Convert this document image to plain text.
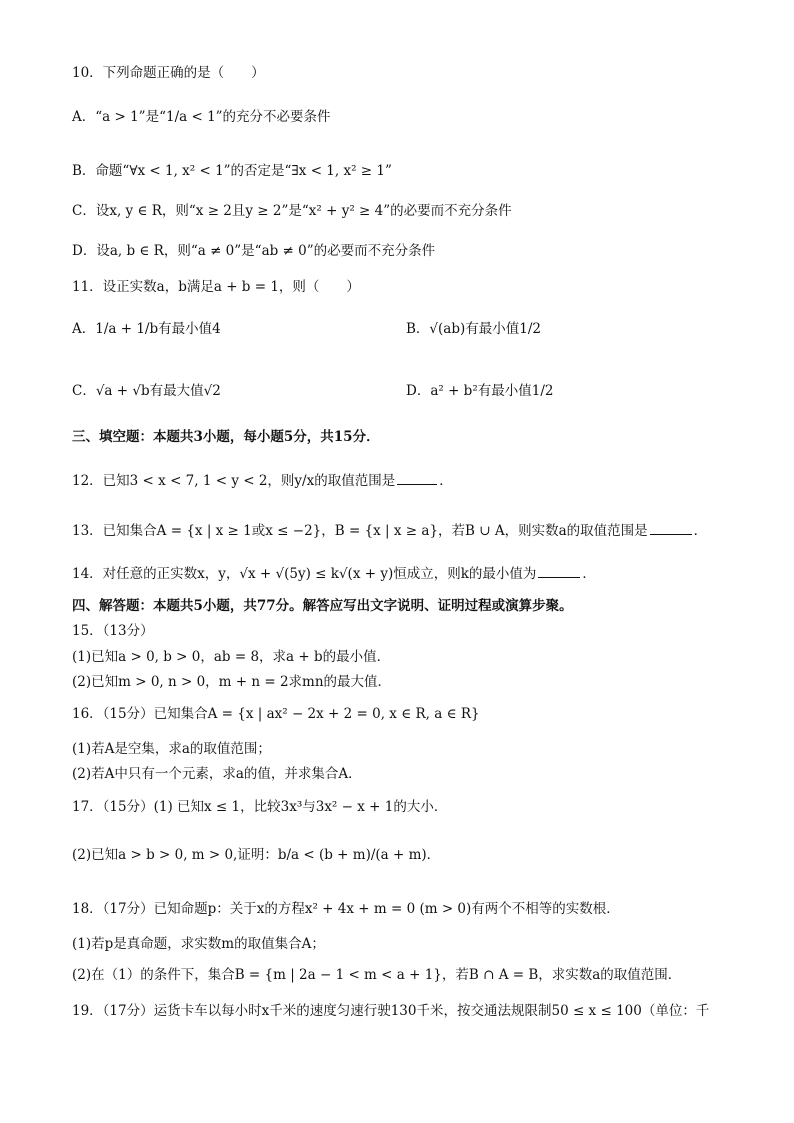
10．下列命题正确的是（　　）
A．“a > 1”是“1/a < 1”的充分不必要条件
B．命题“∀x < 1, x² < 1”的否定是“∃x < 1, x² ≥ 1”
C．设x, y ∈ R，则“x ≥ 2且y ≥ 2”是“x² + y² ≥ 4”的必要而不充分条件
D．设a, b ∈ R，则“a ≠ 0”是“ab ≠ 0”的必要而不充分条件
11．设正实数a，b满足a + b = 1，则（　　）
A．1/a + 1/b有最小值4	B．√(ab)有最小值1/2
C．√a + √b有最大值√2	D．a² + b²有最小值1/2
三、填空题：本题共3小题，每小题5分，共15分．
12．已知3 < x < 7, 1 < y < 2，则y/x的取值范围是	．
13．已知集合A = {x | x ≥ 1或x ≤ −2}，B = {x | x ≥ a}，若B ∪ A，则实数a的取值范围是	．
14．对任意的正实数x，y，√x + √(5y) ≤ k√(x + y)恒成立，则k的最小值为	．
四、解答题：本题共5小题，共77分。解答应写出文字说明、证明过程或演算步聚。
15．（13分）
(1)已知a > 0, b > 0，ab = 8，求a + b的最小值．
(2)已知m > 0, n > 0，m + n = 2求mn的最大值．
16．（15分）已知集合A = {x | ax² − 2x + 2 = 0, x ∈ R, a ∈ R}
(1)若A是空集，求a的取值范围；
(2)若A中只有一个元素，求a的值，并求集合A．
17．（15分）(1) 已知x ≤ 1，比较3x³与3x² − x + 1的大小．
(2)已知a > b > 0, m > 0,证明：b/a < (b + m)/(a + m)．
18．（17分）已知命题p：关于x的方程x² + 4x + m = 0 (m > 0)有两个不相等的实数根．
(1)若p是真命题，求实数m的取值集合A；
(2)在（1）的条件下，集合B = {m | 2a − 1 < m < a + 1}，若B ∩ A = B，求实数a的取值范围．
19．（17分）运货卡车以每小时x千米的速度匀速行驶130千米，按交通法规限制50 ≤ x ≤ 100（单位：千
